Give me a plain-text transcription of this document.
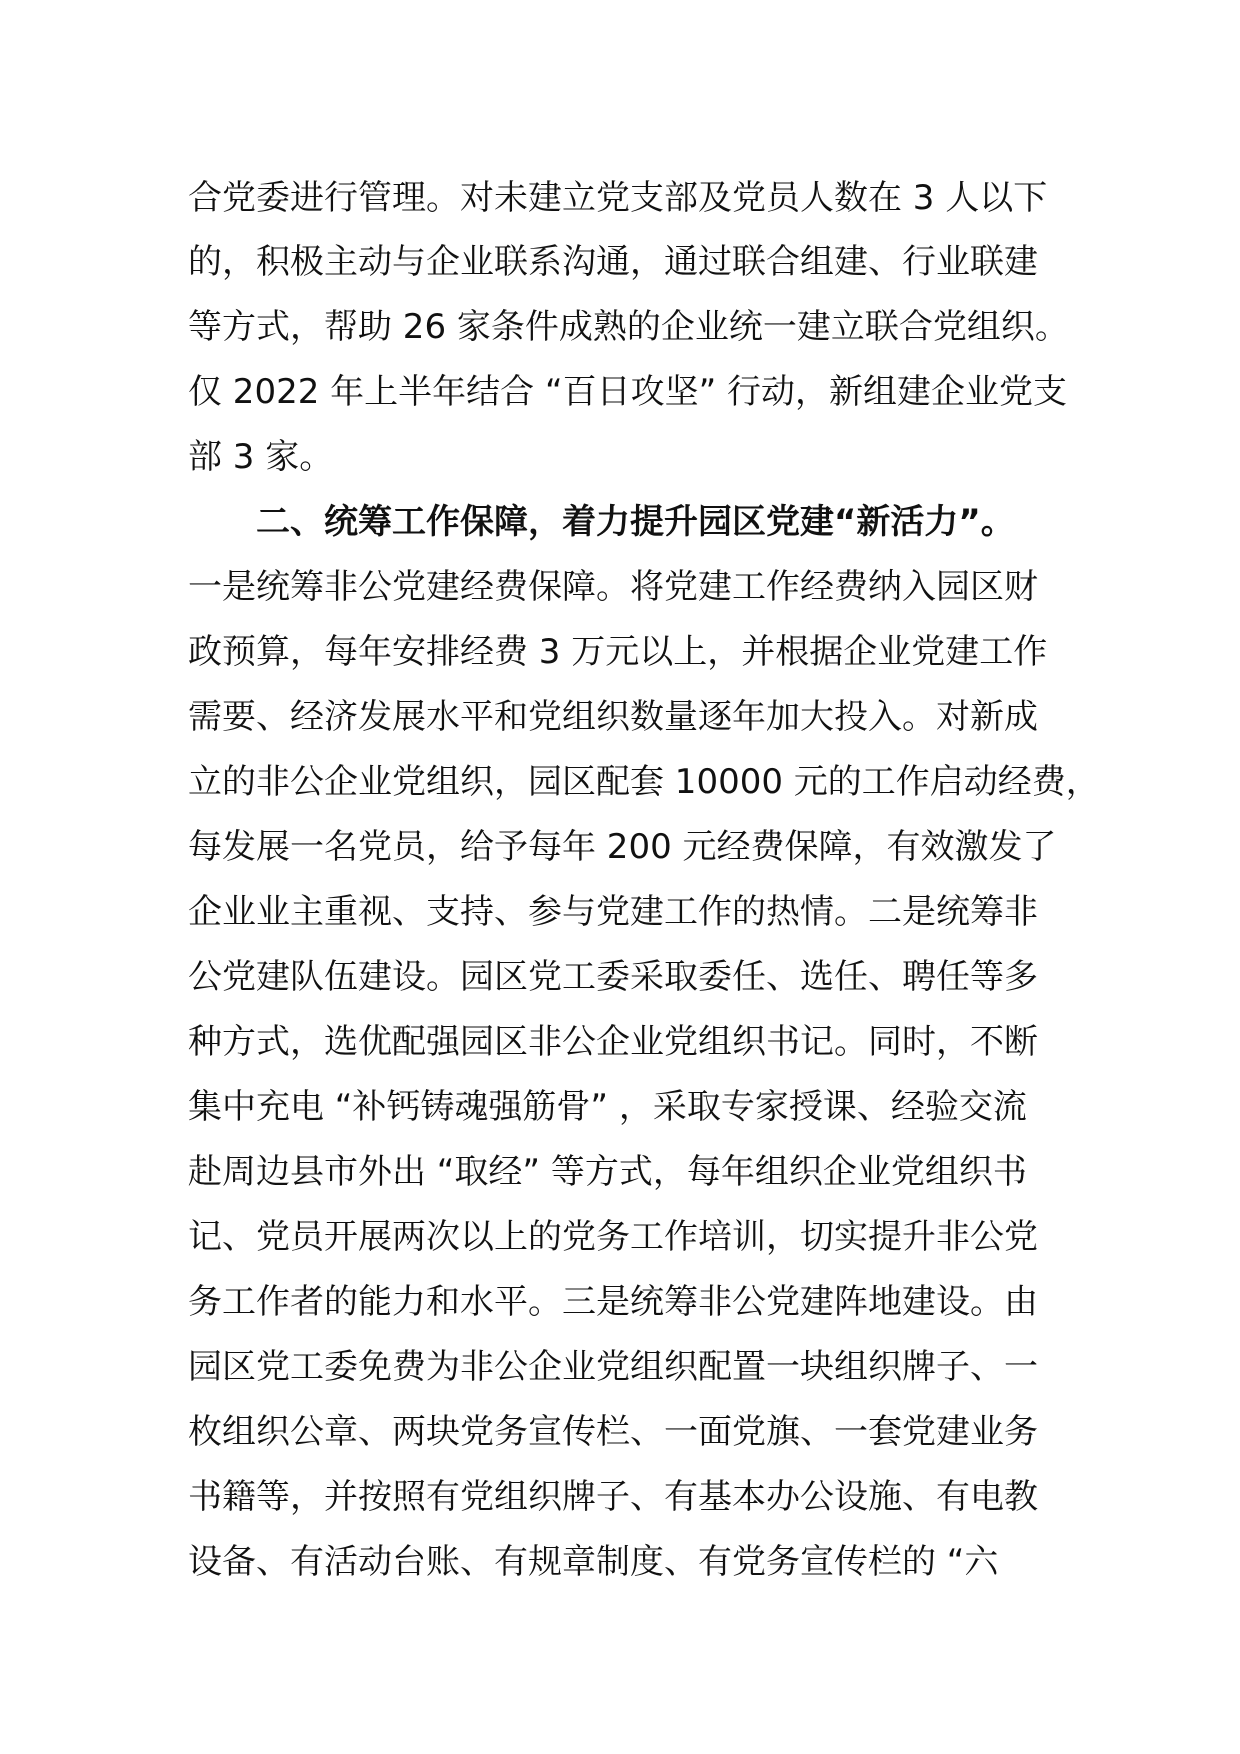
合党委进行管理。对未建立党支部及党员人数在 3 人以下
的，积极主动与企业联系沟通，通过联合组建、行业联建
等方式，帮助 26 家条件成熟的企业统一建立联合党组织。
仅 2022 年上半年结合 “百日攻坚” 行动，新组建企业党支
部 3 家。
二、统筹工作保障，着力提升园区党建“新活力”。
一是统筹非公党建经费保障。将党建工作经费纳入园区财
政预算，每年安排经费 3 万元以上，并根据企业党建工作
需要、经济发展水平和党组织数量逐年加大投入。对新成
立的非公企业党组织，园区配套 10000 元的工作启动经费，
每发展一名党员，给予每年 200 元经费保障，有效激发了
企业业主重视、支持、参与党建工作的热情。二是统筹非
公党建队伍建设。园区党工委采取委任、选任、聘任等多
种方式，选优配强园区非公企业党组织书记。同时，不断
集中充电 “补钙铸魂强筋骨” ，采取专家授课、经验交流
赴周边县市外出 “取经” 等方式，每年组织企业党组织书
记、党员开展两次以上的党务工作培训，切实提升非公党
务工作者的能力和水平。三是统筹非公党建阵地建设。由
园区党工委免费为非公企业党组织配置一块组织牌子、一
枚组织公章、两块党务宣传栏、一面党旗、一套党建业务
书籍等，并按照有党组织牌子、有基本办公设施、有电教
设备、有活动台账、有规章制度、有党务宣传栏的 “六
